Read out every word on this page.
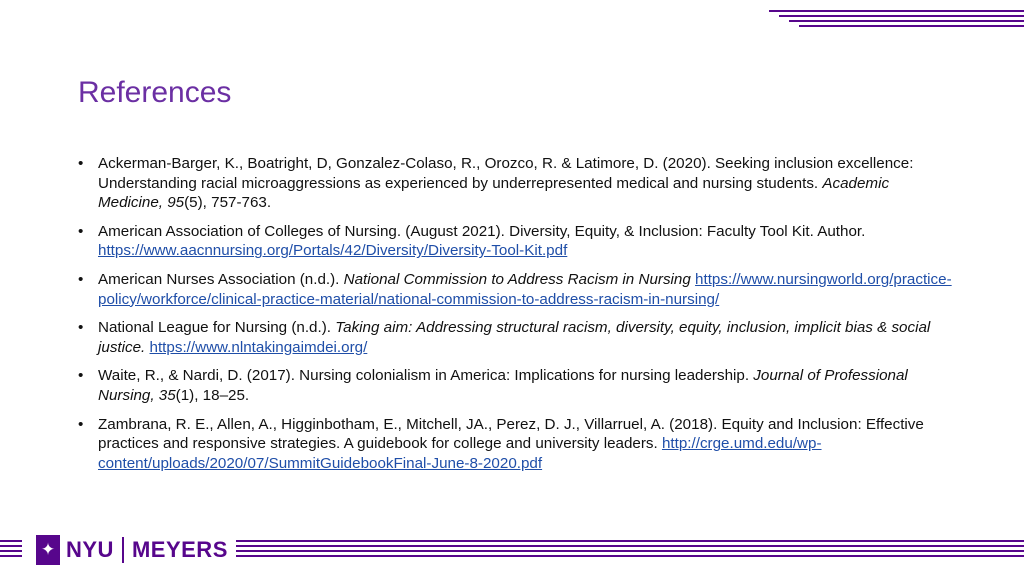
References
• Ackerman-Barger, K., Boatright, D, Gonzalez-Colaso, R., Orozco, R. & Latimore, D. (2020). Seeking inclusion excellence: Understanding racial microaggressions as experienced by underrepresented medical and nursing students. Academic Medicine, 95(5), 757-763.
• American Association of Colleges of Nursing. (August 2021). Diversity, Equity, & Inclusion: Faculty Tool Kit. Author. https://www.aacnnursing.org/Portals/42/Diversity/Diversity-Tool-Kit.pdf
• American Nurses Association (n.d.). National Commission to Address Racism in Nursing https://www.nursingworld.org/practice-policy/workforce/clinical-practice-material/national-commission-to-address-racism-in-nursing/
• National League for Nursing (n.d.). Taking aim: Addressing structural racism, diversity, equity, inclusion, implicit bias & social justice. https://www.nlntakingaimdei.org/
• Waite, R., & Nardi, D. (2017). Nursing colonialism in America: Implications for nursing leadership. Journal of Professional Nursing, 35(1), 18–25.
• Zambrana, R. E., Allen, A., Higginbotham, E., Mitchell, JA., Perez, D. J., Villarruel, A. (2018). Equity and Inclusion: Effective practices and responsive strategies. A guidebook for college and university leaders. http://crge.umd.edu/wp-content/uploads/2020/07/SummitGuidebookFinal-June-8-2020.pdf
✦ NYU MEYERS
